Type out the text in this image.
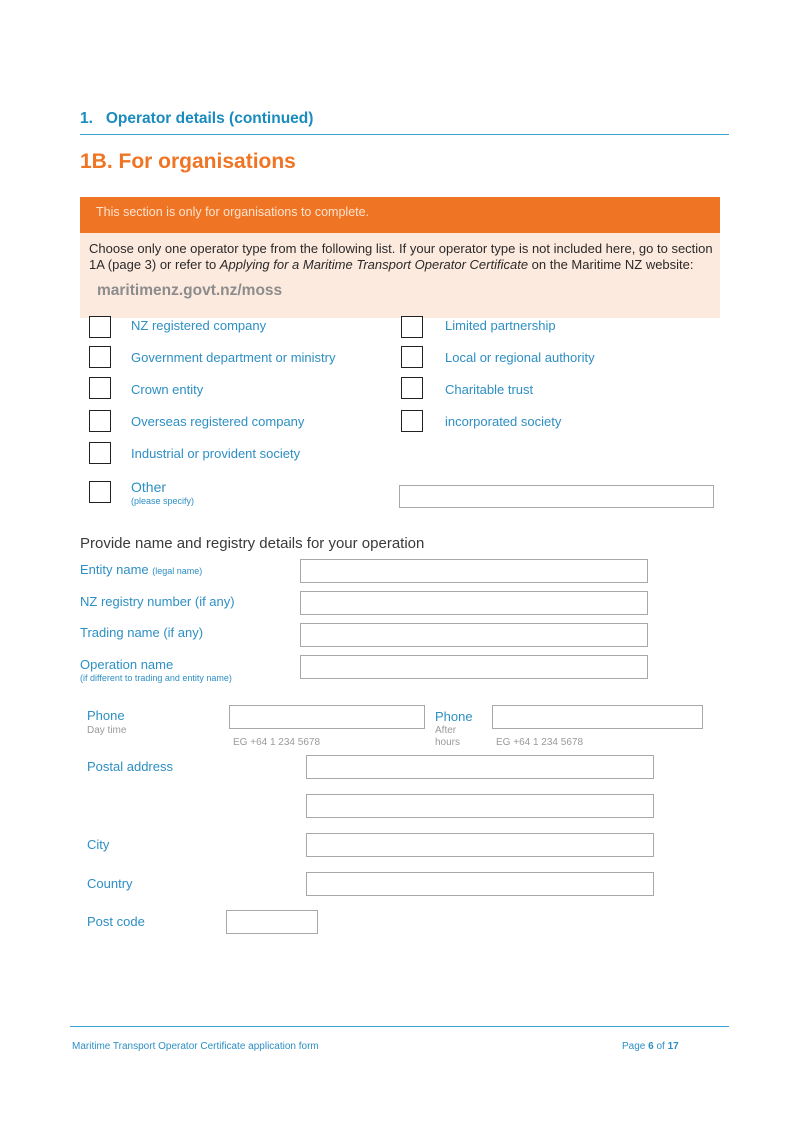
1. Operator details (continued)
1B. For organisations
This section is only for organisations to complete.
Choose only one operator type from the following list. If your operator type is not included here, go to section 1A (page 3) or refer to Applying for a Maritime Transport Operator Certificate on the Maritime NZ website:
maritimenz.govt.nz/moss
NZ registered company
Government department or ministry
Crown entity
Overseas registered company
Industrial or provident society
Other
(please specify)
Limited partnership
Local or regional authority
Charitable trust
incorporated society
Provide name and registry details for your operation
Entity name (legal name)
NZ registry number (if any)
Trading name (if any)
Operation name
(if different to trading and entity name)
Phone
Day time
EG +64 1 234 5678
Phone
After
hours	EG +64 1 234 5678
Postal address
City
Country
Post code
Maritime Transport Operator Certificate application form	Page 6 of 17
